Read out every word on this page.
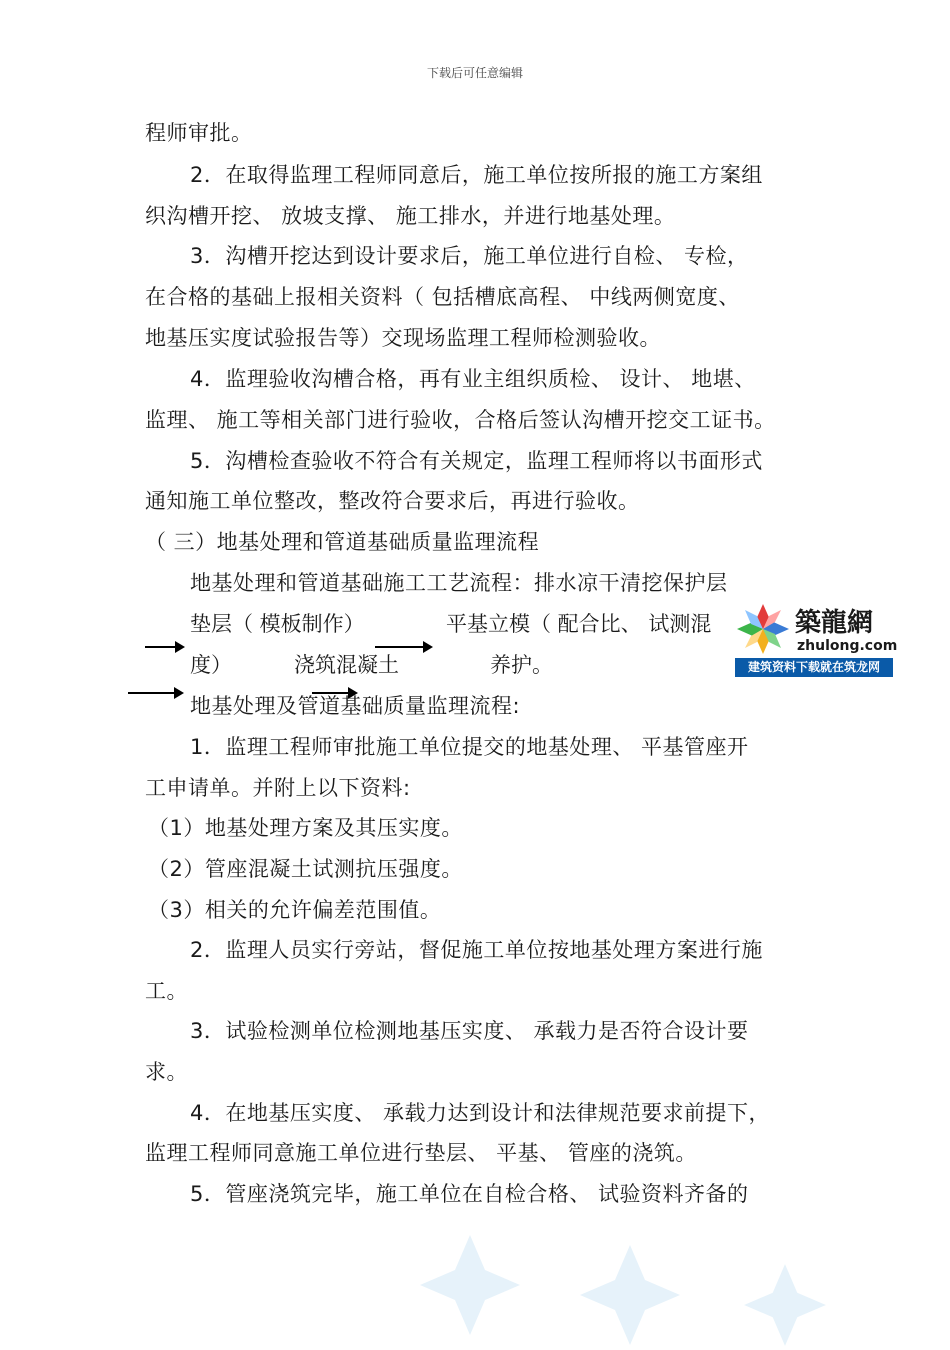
下载后可任意编辑
程师审批。
2．在取得监理工程师同意后，施工单位按所报的施工方案组
织沟槽开挖、 放坡支撑、 施工排水，并进行地基处理。
3．沟槽开挖达到设计要求后，施工单位进行自检、 专检，
在合格的基础上报相关资料（ 包括槽底高程、 中线两侧宽度、
地基压实度试验报告等）交现场监理工程师检测验收。
4．监理验收沟槽合格，再有业主组织质检、 设计、 地堪、
监理、 施工等相关部门进行验收，合格后签认沟槽开挖交工证书。
5．沟槽检查验收不符合有关规定，监理工程师将以书面形式
通知施工单位整改，整改符合要求后，再进行验收。
（ 三）地基处理和管道基础质量监理流程
地基处理和管道基础施工工艺流程：排水凉干清挖保护层
垫层（ 模板制作）	平基立模（ 配合比、 试测混
度）	浇筑混凝土	养护。
地基处理及管道基础质量监理流程:
1．监理工程师审批施工单位提交的地基处理、 平基管座开
工申请单。并附上以下资料:
（1）地基处理方案及其压实度。
（2）管座混凝土试测抗压强度。
（3）相关的允许偏差范围值。
2．监理人员实行旁站，督促施工单位按地基处理方案进行施
工。
3．试验检测单位检测地基压实度、 承载力是否符合设计要
求。
4．在地基压实度、 承载力达到设计和法律规范要求前提下，
监理工程师同意施工单位进行垫层、 平基、 管座的浇筑。
5．管座浇筑完毕，施工单位在自检合格、 试验资料齐备的
築龍網
zhulong.com
建筑资料下载就在筑龙网
